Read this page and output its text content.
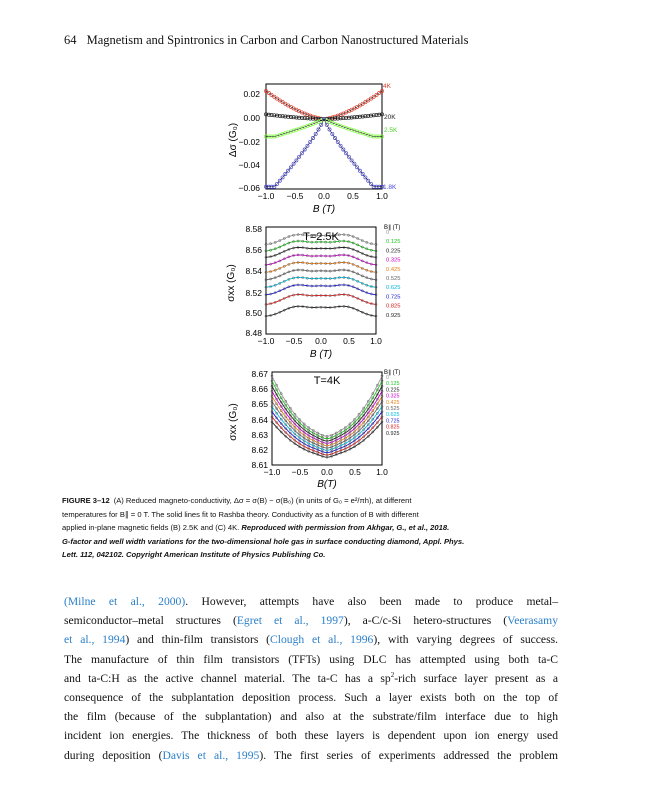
64 Magnetism and Spintronics in Carbon and Carbon Nanostructured Materials
0.02
0.00
−0.02
−0.04
−0.06
−1.0 −0.5 0.0 0.5 1.0
B (T)
Δσ (G₀)
4K
20K
2.5K
1.8K
T=2.5K
8.58
8.56
8.54
8.52
8.50
8.48
−1.0 −0.5 0.0 0.5 1.0
B (T)
σxx (G₀)
B∥ (T)
0
0.125
0.225
0.325
0.425
0.525
0.625
0.725
0.825
0.925
T=4K
8.67
8.66
8.65
8.64
8.63
8.62
8.61
−1.0 −0.5 0.0 0.5 1.0
B(T)
σxx (G₀)
B∥ (T)
0
0.125
0.225
0.325
0.425
0.525
0.625
0.725
0.825
0.925
FIGURE 3–12 (A) Reduced magneto-conductivity, Δσ = σ(B) − σ(B₀) (in units of G₀ = e²/πh), at different
temperatures for B∥ = 0 T. The solid lines fit to Rashba theory. Conductivity as a function of B with different
applied in-plane magnetic fields (B) 2.5K and (C) 4K. Reproduced with permission from Akhgar, G., et al., 2018.
G-factor and well width variations for the two-dimensional hole gas in surface conducting diamond, Appl. Phys.
Lett. 112, 042102. Copyright American Institute of Physics Publishing Co.
(Milne et al., 2000). However, attempts have also been made to produce metal–
semiconductor–metal structures (Egret et al., 1997), a-C/c-Si hetero-structures (Veerasamy
et al., 1994) and thin-film transistors (Clough et al., 1996), with varying degrees of success.
The manufacture of thin film transistors (TFTs) using DLC has attempted using both ta-C
and ta-C:H as the active channel material. The ta-C has a $sp^2$-rich surface layer present as a
consequence of the subplantation deposition process. Such a layer exists both on the top of
the film (because of the subplantation) and also at the substrate/film interface due to high
incident ion energies. The thickness of both these layers is dependent upon ion energy used
during deposition (Davis et al., 1995). The first series of experiments addressed the problem
